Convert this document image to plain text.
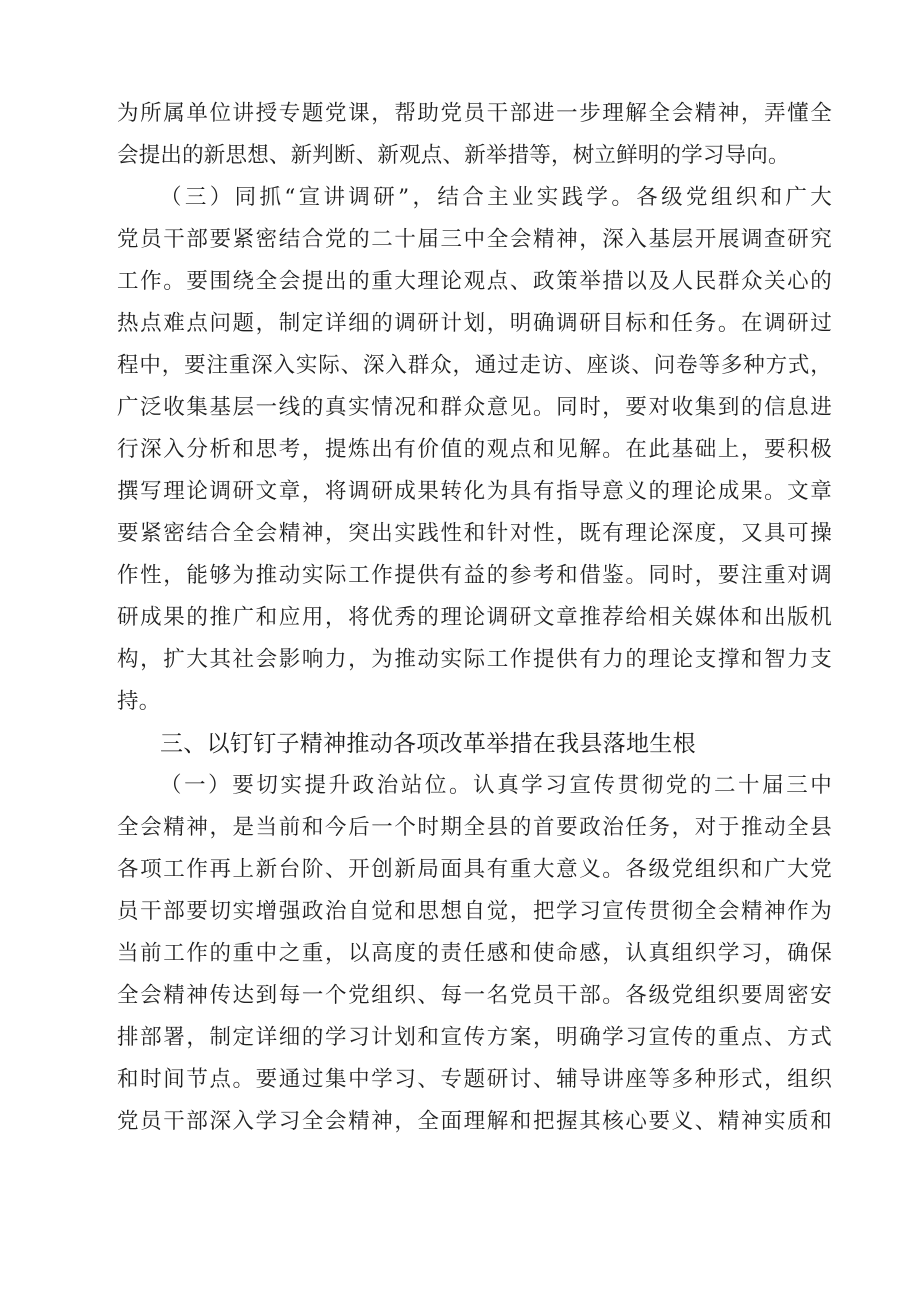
为所属单位讲授专题党课，帮助党员干部进一步理解全会精神，弄懂全
会提出的新思想、新判断、新观点、新举措等，树立鲜明的学习导向。
（三）同抓“宣讲调研”，结合主业实践学。各级党组织和广大
党员干部要紧密结合党的二十届三中全会精神，深入基层开展调查研究
工作。要围绕全会提出的重大理论观点、政策举措以及人民群众关心的
热点难点问题，制定详细的调研计划，明确调研目标和任务。在调研过
程中，要注重深入实际、深入群众，通过走访、座谈、问卷等多种方式，
广泛收集基层一线的真实情况和群众意见。同时，要对收集到的信息进
行深入分析和思考，提炼出有价值的观点和见解。在此基础上，要积极
撰写理论调研文章，将调研成果转化为具有指导意义的理论成果。文章
要紧密结合全会精神，突出实践性和针对性，既有理论深度，又具可操
作性，能够为推动实际工作提供有益的参考和借鉴。同时，要注重对调
研成果的推广和应用，将优秀的理论调研文章推荐给相关媒体和出版机
构，扩大其社会影响力，为推动实际工作提供有力的理论支撑和智力支
持。
三、以钉钉子精神推动各项改革举措在我县落地生根
（一）要切实提升政治站位。认真学习宣传贯彻党的二十届三中
全会精神，是当前和今后一个时期全县的首要政治任务，对于推动全县
各项工作再上新台阶、开创新局面具有重大意义。各级党组织和广大党
员干部要切实增强政治自觉和思想自觉，把学习宣传贯彻全会精神作为
当前工作的重中之重，以高度的责任感和使命感，认真组织学习，确保
全会精神传达到每一个党组织、每一名党员干部。各级党组织要周密安
排部署，制定详细的学习计划和宣传方案，明确学习宣传的重点、方式
和时间节点。要通过集中学习、专题研讨、辅导讲座等多种形式，组织
党员干部深入学习全会精神，全面理解和把握其核心要义、精神实质和
